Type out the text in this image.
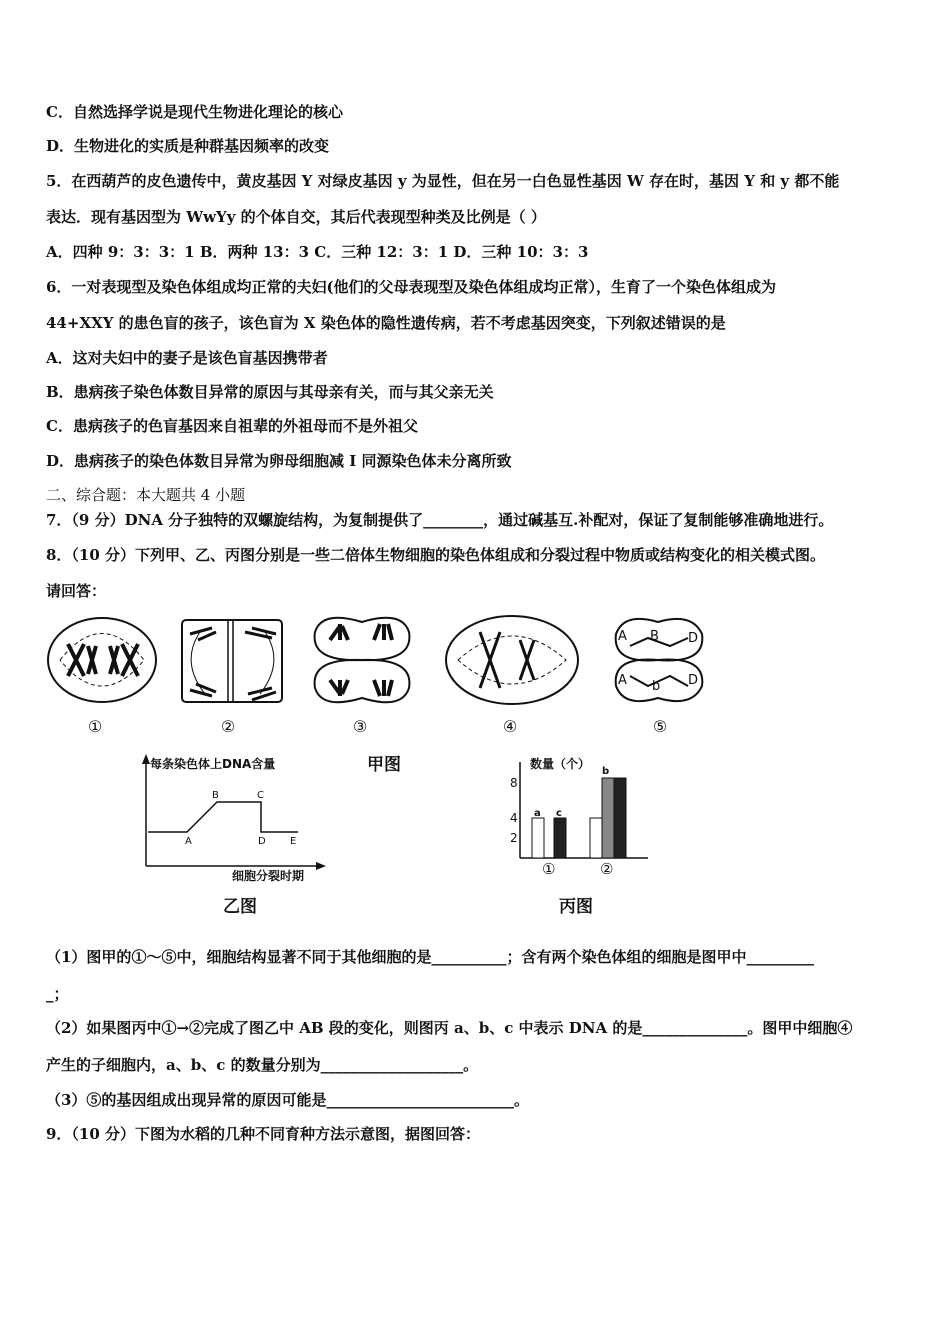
C．自然选择学说是现代生物进化理论的核心
D．生物进化的实质是种群基因频率的改变
5．在西葫芦的皮色遗传中，黄皮基因 Y 对绿皮基因 y 为显性，但在另一白色显性基因 W 存在时，基因 Y 和 y 都不能
表达．现有基因型为 WwYy 的个体自交，其后代表现型种类及比例是（ ）
A．四种 9：3：3：1 B．两种 13：3 C．三种 12：3：1 D．三种 10：3：3
6．一对表现型及染色体组成均正常的夫妇(他们的父母表现型及染色体组成均正常），生育了一个染色体组成为
44+XXY 的患色盲的孩子，该色盲为 X 染色体的隐性遗传病，若不考虑基因突变，下列叙述错误的是
A．这对夫妇中的妻子是该色盲基因携带者
B．患病孩子染色体数目异常的原因与其母亲有关，而与其父亲无关
C．患病孩子的色盲基因来自祖辈的外祖母而不是外祖父
D．患病孩子的染色体数目异常为卵母细胞减 I 同源染色体未分离所致
二、综合题：本大题共 4 小题
7．（9 分）DNA 分子独特的双螺旋结构，为复制提供了________，通过碱基互.补配对，保证了复制能够准确地进行。
8．（10 分）下列甲、乙、丙图分别是一些二倍体生物细胞的染色体组成和分裂过程中物质或结构变化的相关模式图。
请回答：
A B D
A b D
①	②	③	④	⑤
甲图
每条染色体上DNA含量
A
B	C
D E
细胞分裂时期
乙图
数量（个）
8
4
2
a c
b
①	②
丙图
（1）图甲的①～⑤中，细胞结构显著不同于其他细胞的是__________；含有两个染色体组的细胞是图甲中_________
_；
（2）如果图丙中①→②完成了图乙中 AB 段的变化，则图丙 a、b、c 中表示 DNA 的是______________。图甲中细胞④
产生的子细胞内，a、b、c 的数量分别为___________________。
（3）⑤的基因组成出现异常的原因可能是_________________________。
9．（10 分）下图为水稻的几种不同育种方法示意图，据图回答：
